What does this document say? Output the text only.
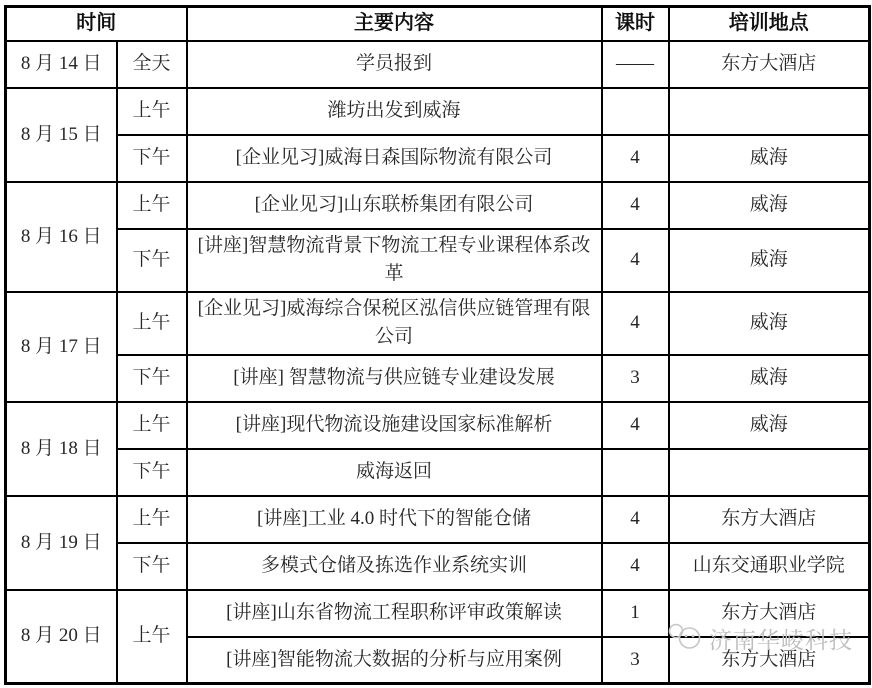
时间		主要内容	课时	培训地点
8 月 14 日	全天	学员报到	——	东方大酒店
8 月 15 日	上午	潍坊出发到威海		
	下午	[企业见习]威海日森国际物流有限公司	4	威海
8 月 16 日	上午	[企业见习]山东联桥集团有限公司	4	威海
	下午	[讲座]智慧物流背景下物流工程专业课程体系改革	4	威海
8 月 17 日	上午	[企业见习]威海综合保税区泓信供应链管理有限公司	4	威海
	下午	[讲座] 智慧物流与供应链专业建设发展	3	威海
8 月 18 日	上午	[讲座]现代物流设施建设国家标准解析	4	威海
	下午	威海返回		
8 月 19 日	上午	[讲座]工业 4.0 时代下的智能仓储	4	东方大酒店
	下午	多模式仓储及拣选作业系统实训	4	山东交通职业学院
8 月 20 日	上午	[讲座]山东省物流工程职称评审政策解读	1	东方大酒店
		[讲座]智能物流大数据的分析与应用案例	3	东方大酒店
济南华崚科技
